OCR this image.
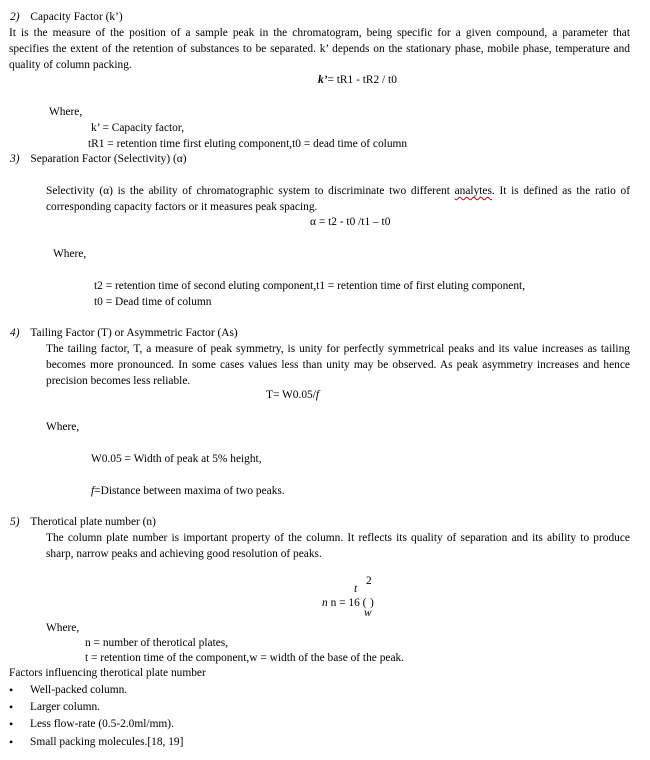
2) Capacity Factor (k’)
It is the measure of the position of a sample peak in the chromatogram, being specific for a given compound, a parameter that
specifies the extent of the retention of substances to be separated. k’ depends on the stationary phase, mobile phase, temperature and
quality of column packing.
k’= tR1 - tR2 / t0
Where,
k’ = Capacity factor,
tR1 = retention time first eluting component,t0 = dead time of column
3) Separation Factor (Selectivity) (α)
Selectivity (α) is the ability of chromatographic system to discriminate two different analytes. It is defined as the ratio of
corresponding capacity factors or it measures peak spacing.
α = t2 - t0 /t1 – t0
Where,
t2 = retention time of second eluting component,t1 = retention time of first eluting component,
t0 = Dead time of column
4) Tailing Factor (T) or Asymmetric Factor (As)
The tailing factor, T, a measure of peak symmetry, is unity for perfectly symmetrical peaks and its value increases as tailing
becomes more pronounced. In some cases values less than unity may be observed. As peak asymmetry increases and hence
precision becomes less reliable.
T= W0.05/f
Where,
W0.05 = Width of peak at 5% height,
f=Distance between maxima of two peaks.
5) Therotical plate number (n)
The column plate number is important property of the column. It reflects its quality of separation and its ability to produce
sharp, narrow peaks and achieving good resolution of peaks.
t
2
n n = 16 ( )
w
Where,
n = number of therotical plates,
t = retention time of the component,w = width of the base of the peak.
Factors influencing therotical plate number
• Well-packed column.
• Larger column.
• Less flow-rate (0.5-2.0ml/mm).
• Small packing molecules.[18, 19]
